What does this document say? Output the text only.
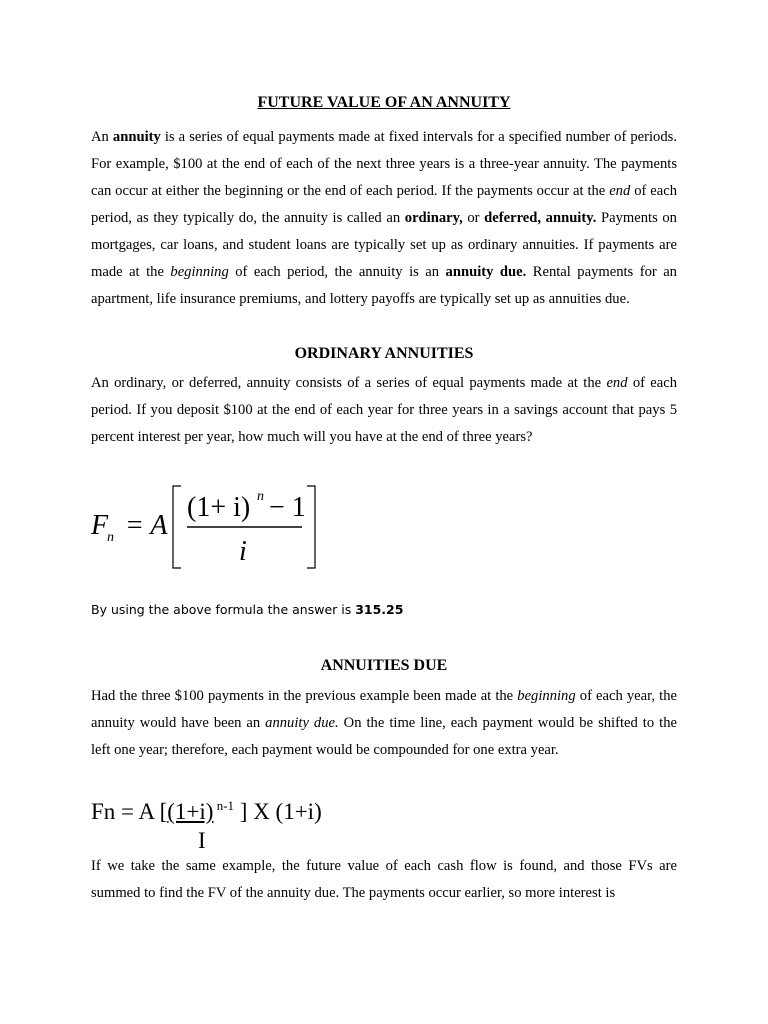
FUTURE VALUE OF AN ANNUITY

An annuity is a series of equal payments made at fixed intervals for a specified number of periods. For example, $100 at the end of each of the next three years is a three-year annuity. The payments can occur at either the beginning or the end of each period. If the payments occur at the end of each period, as they typically do, the annuity is called an ordinary, or deferred, annuity. Payments on mortgages, car loans, and student loans are typically set up as ordinary annuities. If payments are made at the beginning of each period, the annuity is an annuity due. Rental payments for an apartment, life insurance premiums, and lottery payoffs are typically set up as annuities due.

ORDINARY ANNUITIES

An ordinary, or deferred, annuity consists of a series of equal payments made at the end of each period. If you deposit $100 at the end of each year for three years in a savings account that pays 5 percent interest per year, how much will you have at the end of three years?

F
n = A
(1+ i) n − 1
i
By using the above formula the answer is 315.25
ANNUITIES DUE

Had the three $100 payments in the previous example been made at the beginning of each year, the annuity would have been an annuity due. On the time line, each payment would be shifted to the left one year; therefore, each payment would be compounded for one extra year.

Fn = A [(1+i) $^{n-1}$ ] X (1+i)
I

If we take the same example, the future value of each cash flow is found, and those FVs are summed to find the FV of the annuity due. The payments occur earlier, so more interest is
